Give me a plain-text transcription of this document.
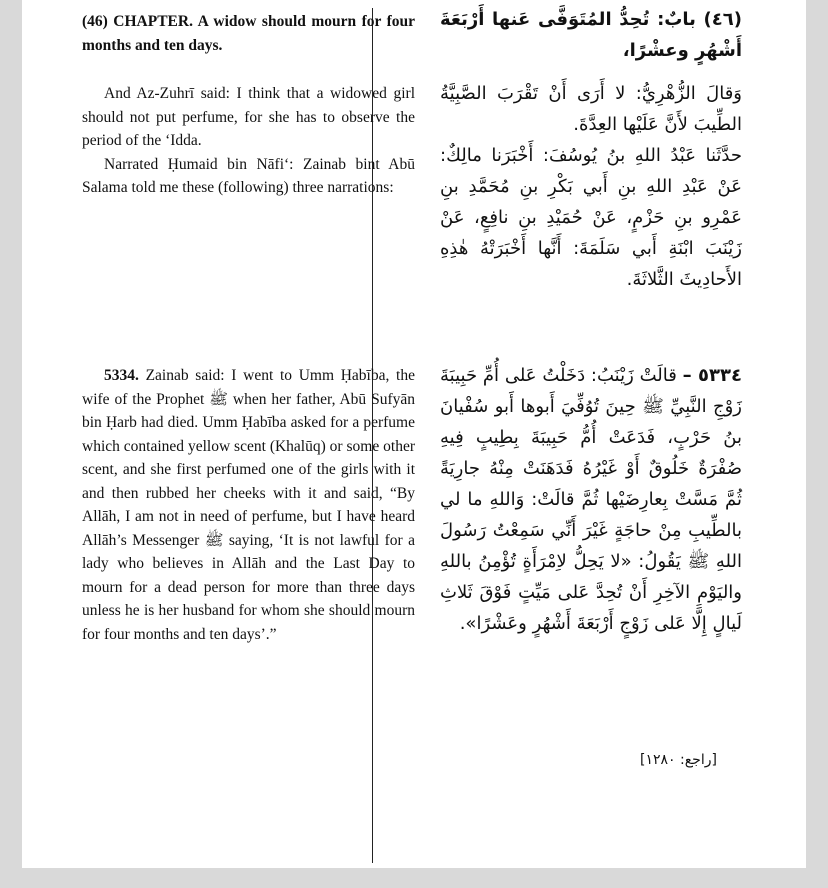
(46) CHAPTER. A widow should mourn for four months and ten days.

And Az-Zuhrī said: I think that a widowed girl should not put perfume, for she has to observe the period of the ‘Idda.

Narrated Ḥumaid bin Nāfi‘: Zainab bint Abū Salama told me these (following) three narrations:

5334. Zainab said: I went to Umm Ḥabība, the wife of the Prophet ﷺ when her father, Abū Sufyān bin Ḥarb had died. Umm Ḥabība asked for a perfume which contained yellow scent (Khalūq) or some other scent, and she first perfumed one of the girls with it and then rubbed her cheeks with it and said, “By Allāh, I am not in need of perfume, but I have heard Allāh’s Messenger ﷺ saying, ‘It is not lawful for a lady who believes in Allāh and the Last Day to mourn for a dead person for more than three days unless he is her husband for whom she should mourn for four months and ten days’.”

(٤٦) بابٌ: تُحِدُّ المُتَوَفَّى عَنها أَرْبَعَةَ أَشْهُرٍ وعشْرًا،

وَقالَ الزُّهْرِيُّ: لا أَرَى أَنْ تَقْرَبَ الصَّبِيَّةُ الطِّيبَ لأَنَّ عَلَيْها العِدَّةَ.

حدَّثَنا عَبْدُ اللهِ بنُ يُوسُفَ: أَخْبَرَنا مالِكٌ: عَنْ عَبْدِ اللهِ بنِ أَبي بَكْرِ بنِ مُحَمَّدِ بنِ عَمْرِو بنِ حَزْمٍ، عَنْ حُمَيْدِ بنِ نافِعٍ، عَنْ زَيْنَبَ ابْنَةِ أَبي سَلَمَةَ: أَنَّها أَخْبَرَتْهُ هٰذِهِ الأَحادِيثَ الثَّلاثَةَ.

٥٣٣٤ – قالَتْ زَيْنَبُ: دَخَلْتُ عَلى أُمِّ حَبِيبَةَ زَوْجِ النَّبِيِّ ﷺ حِينَ تُوُفِّيَ أَبوها أَبو سُفْيانَ بنُ حَرْبٍ، فَدَعَتْ أُمُّ حَبِيبَةَ بِطِيبٍ فِيهِ صُفْرَةٌ خَلُوقٌ أَوْ غَيْرُهُ فَدَهَنَتْ مِنْهُ جارِيَةً ثُمَّ مَسَّتْ بِعارِضَيْها ثُمَّ قالَتْ: وَاللهِ ما لي بالطِّيبِ مِنْ حاجَةٍ غَيْرَ أَنِّي سَمِعْتُ رَسُولَ اللهِ ﷺ يَقُولُ: «لا يَحِلُّ لاِمْرَأَةٍ تُؤْمِنُ باللهِ واليَوْمِ الآخِرِ أَنْ تُحِدَّ عَلى مَيِّتٍ فَوْقَ ثَلاثِ لَيالٍ إِلَّا عَلى زَوْجٍ أَرْبَعَةَ أَشْهُرٍ وعَشْرًا».

[راجع: ١٢٨٠]
